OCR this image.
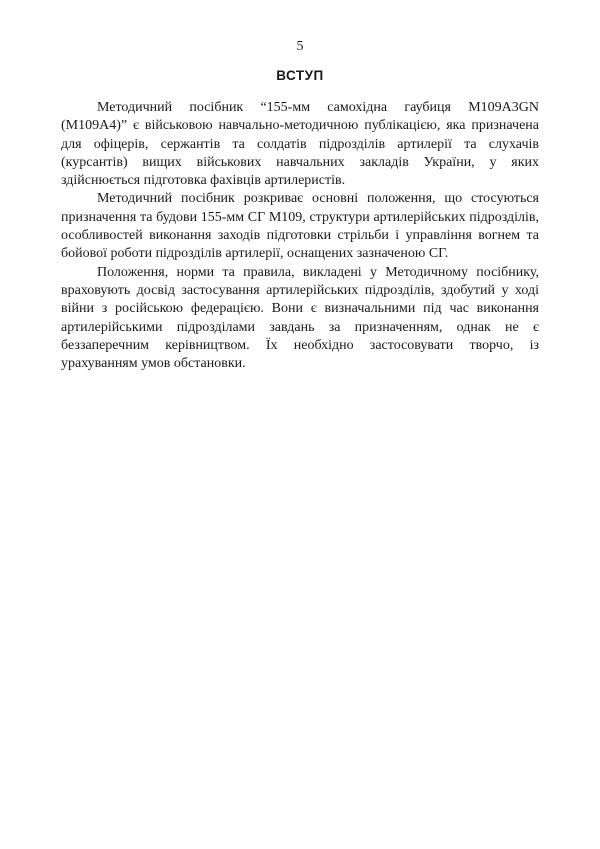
5
ВСТУП

Методичний посібник “155-мм самохідна гаубиця M109A3GN (M109A4)” є військовою навчально-методичною публікацією, яка призначена для офіцерів, сержантів та солдатів підрозділів артилерії та слухачів (курсантів) вищих військових навчальних закладів України, у яких здійснюється підготовка фахівців артилеристів.

Методичний посібник розкриває основні положення, що стосуються призначення та будови 155-мм СГ M109, структури артилерійських підрозділів, особливостей виконання заходів підготовки стрільби і управління вогнем та бойової роботи підрозділів артилерії, оснащених зазначеною СГ.

Положення, норми та правила, викладені у Методичному посібнику, враховують досвід застосування артилерійських підрозділів, здобутий у ході війни з російською федерацією. Вони є визначальними під час виконання артилерійськими підрозділами завдань за призначенням, однак не є беззаперечним керівництвом. Їх необхідно застосовувати творчо, із урахуванням умов обстановки.
